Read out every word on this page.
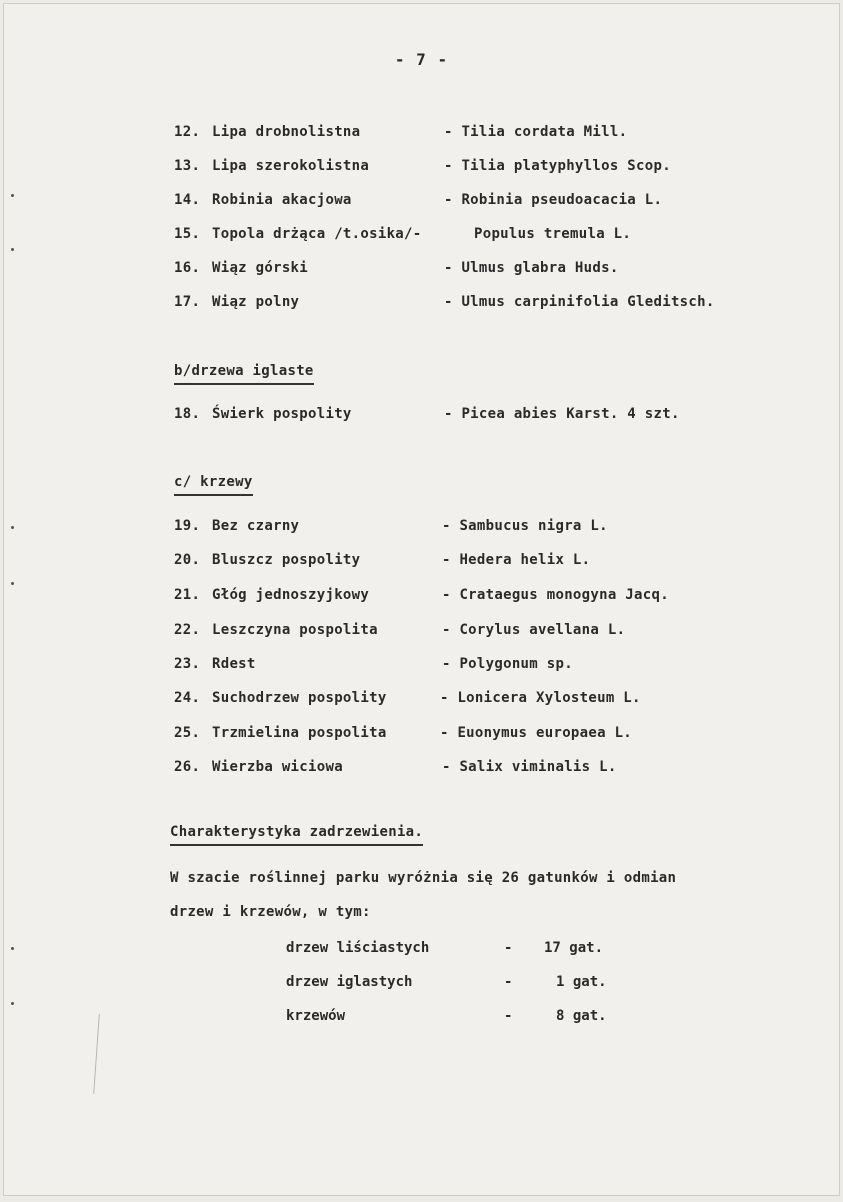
- 7 -
12. Lipa drobnolistna	- Tilia cordata Mill.
13. Lipa szerokolistna	- Tilia platyphyllos Scop.
14. Robinia akacjowa	- Robinia pseudoacacia L.
15. Topola drżąca /t.osika/-	Populus tremula L.
16. Wiąz górski	- Ulmus glabra Huds.
17. Wiąz polny	- Ulmus carpinifolia Gleditsch.
b/drzewa iglaste
18. Świerk pospolity	- Picea abies Karst. 4 szt.
c/ krzewy
19. Bez czarny	- Sambucus nigra L.
20. Bluszcz pospolity	- Hedera helix L.
21. Głóg jednoszyjkowy	- Crataegus monogyna Jacq.
22. Leszczyna pospolita	- Corylus avellana L.
23. Rdest	- Polygonum sp.
24. Suchodrzew pospolity	- Lonicera Xylosteum L.
25. Trzmielina pospolita	- Euonymus europaea L.
26. Wierzba wiciowa	- Salix viminalis L.
Charakterystyka zadrzewienia.
W szacie roślinnej parku wyróżnia się 26 gatunków i odmian
drzew i krzewów, w tym:
drzew liściastych	- 17 gat.
drzew iglastych	-	1 gat.
krzewów	-	8 gat.
